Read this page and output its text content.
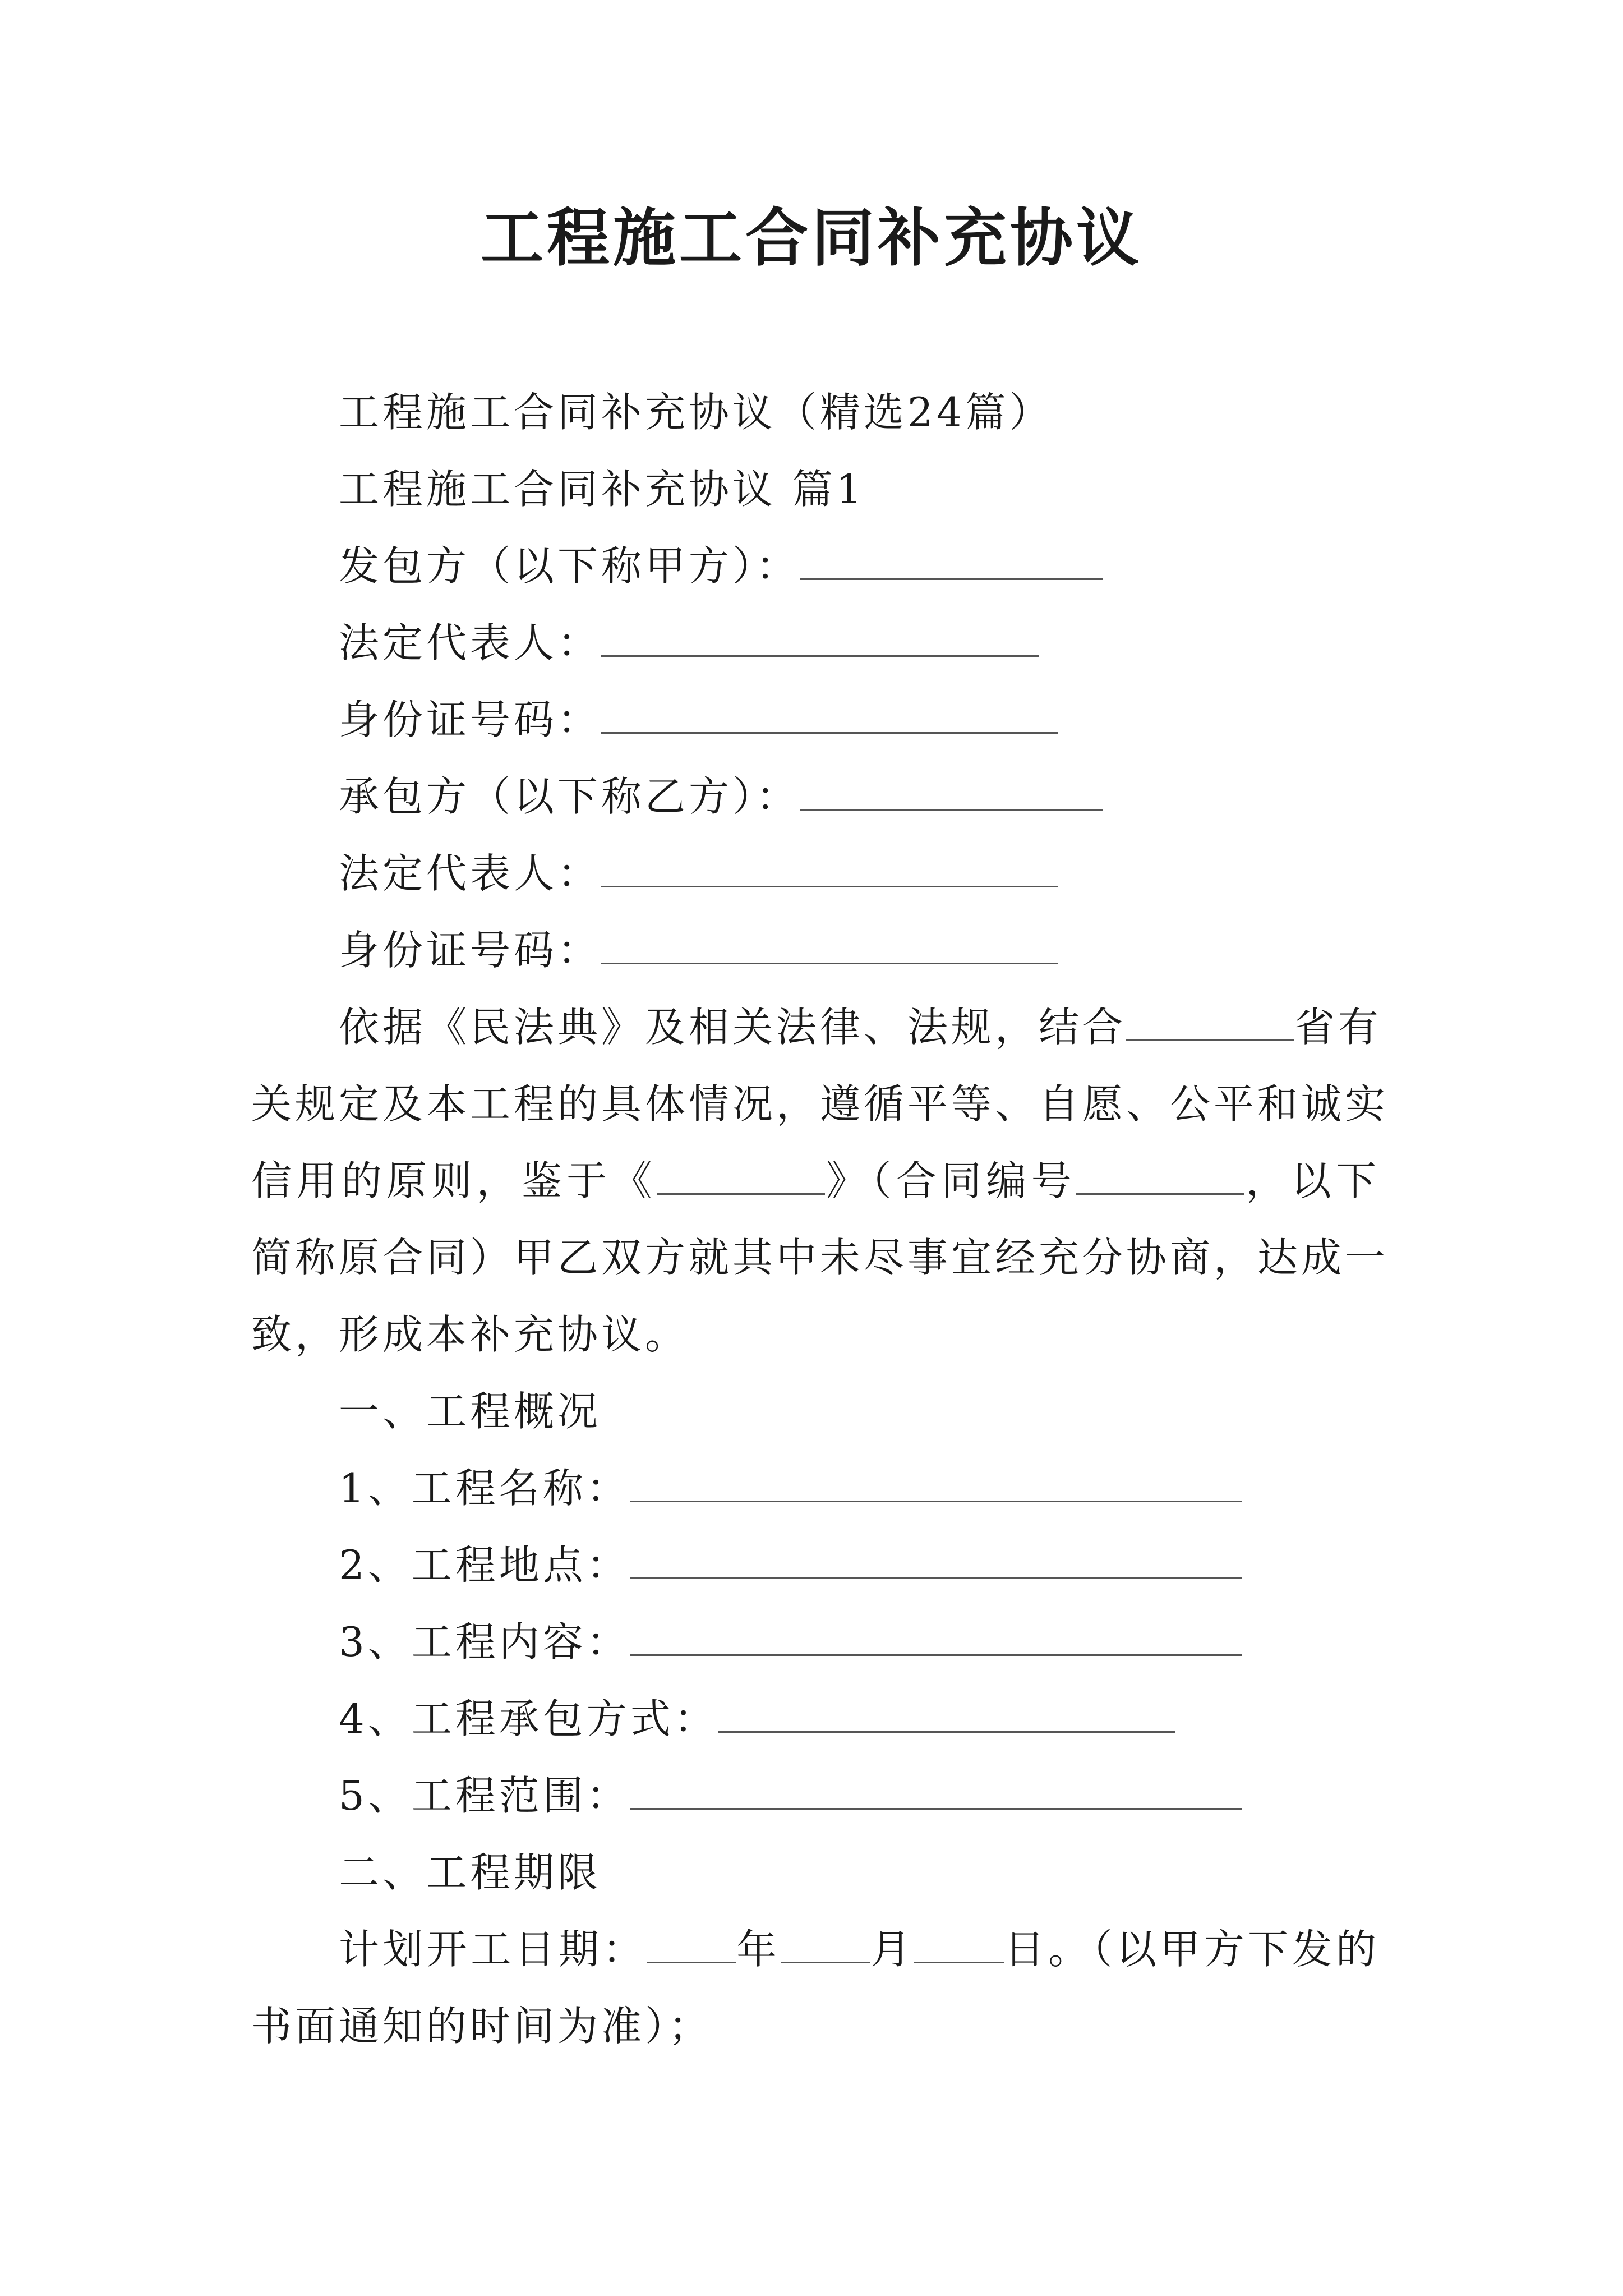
工程施工合同补充协议
工程施工合同补充协议（精选24篇）
工程施工合同补充协议 篇1
发包方（以下称甲方）：
法定代表人：
身份证号码：
承包方（以下称乙方）：
法定代表人：
身份证号码：
依据《民法典》及相关法律、法规，结合	省有
关规定及本工程的具体情况，遵循平等、自愿、公平和诚实
信用的原则，鉴于《	》（合同编号	，以下
简称原合同）甲乙双方就其中未尽事宜经充分协商，达成一
致，形成本补充协议。
一、工程概况
1、工程名称：
2、工程地点：
3、工程内容：
4、工程承包方式：
5、工程范围：
二、工程期限
计划开工日期： 年 月 日。（以甲方下发的
书面通知的时间为准）；
